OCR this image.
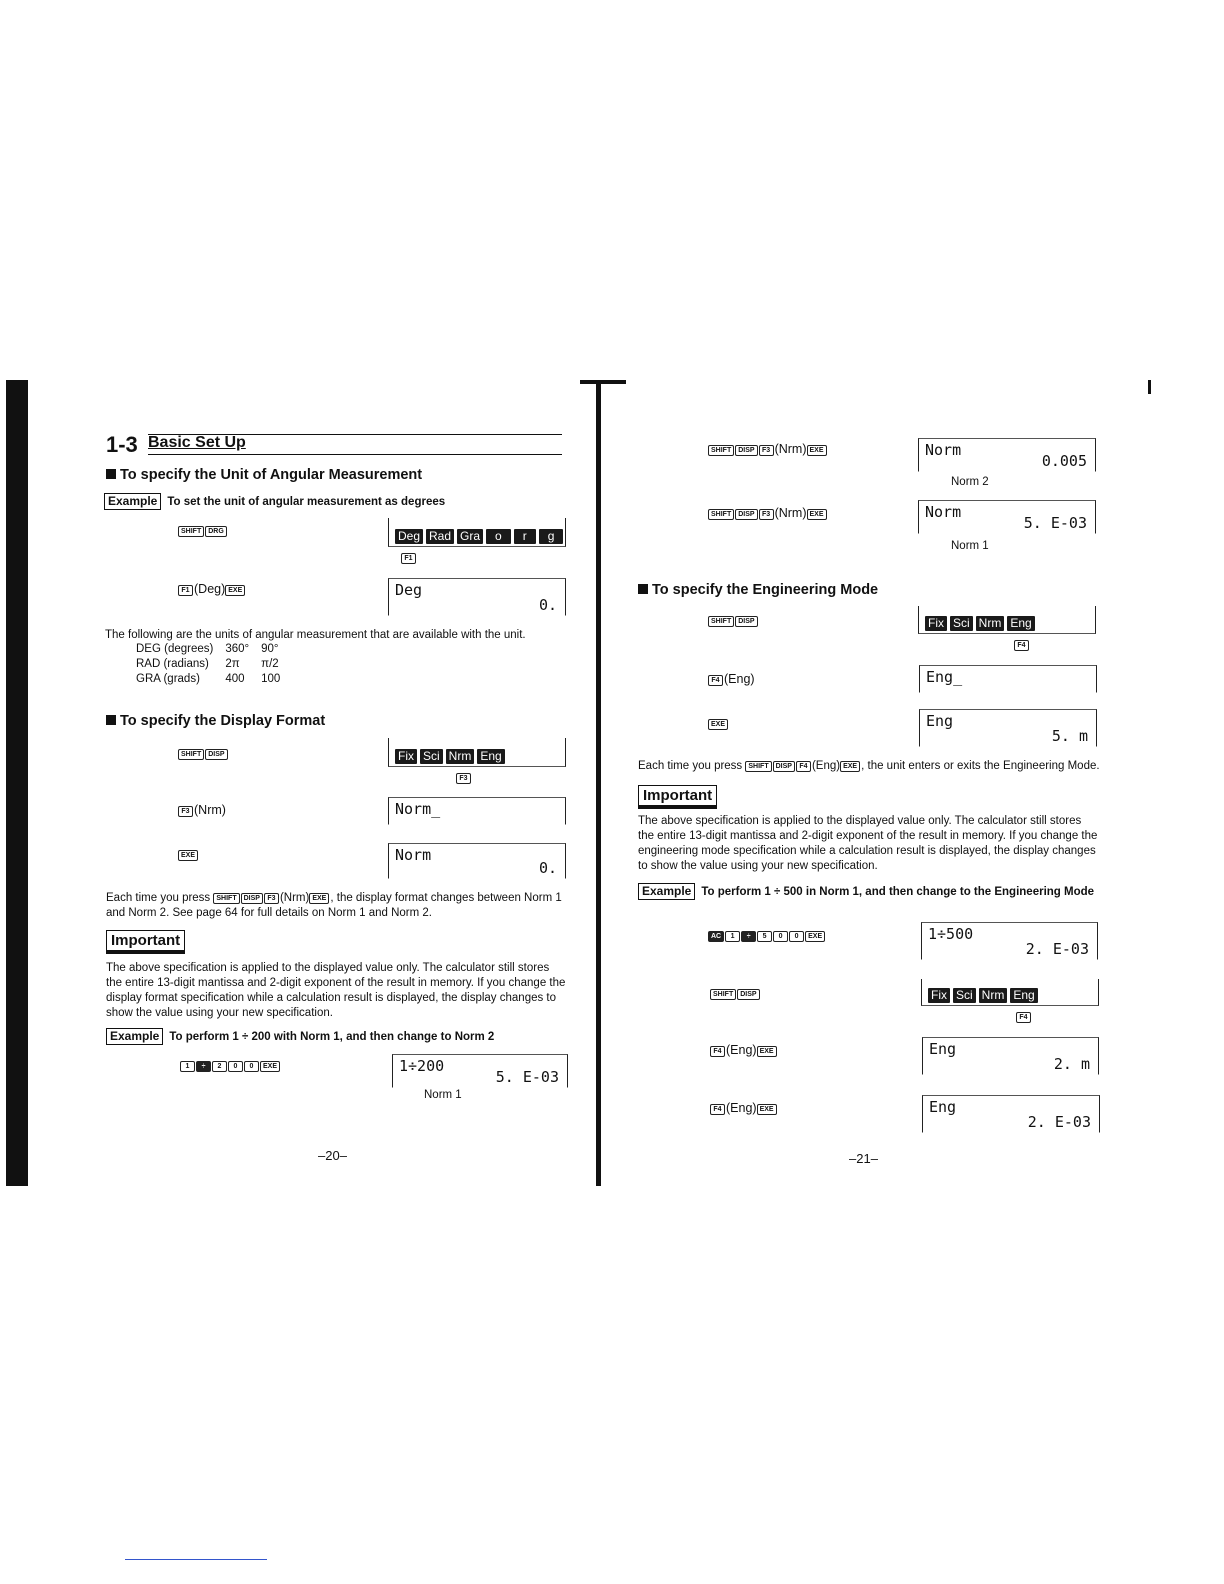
1-3 Basic Set Up
To specify the Unit of Angular Measurement
Example To set the unit of angular measurement as degrees
SHIFT DRG	Deg Rad Gra	o	r	g
F1
F1 (Deg) EXE	Deg
0.
The following are the units of angular measurement that are available with the unit.
DEG (degrees)	360°	90°
RAD (radians)	2π	π/2
GRA (grads)	400	100
To specify the Display Format
SHIFT DISP	Fix Sci Nrm Eng
F3
F3 (Nrm)	Norm_
EXE	Norm
0.
Each time you press SHIFT DISP F3 (Nrm) EXE , the display format changes between Norm 1 and Norm 2. See page 64 for full details on Norm 1 and Norm 2.
Important
The above specification is applied to the displayed value only. The calculator still stores the entire 13-digit mantissa and 2-digit exponent of the result in memory. If you change the display format specification while a calculation result is displayed, the display changes to show the value using your new specification.
Example To perform 1 ÷ 200 with Norm 1, and then change to Norm 2
1 ÷ 2 0 0 EXE	1÷200
5. E-03
Norm 1
–20–
SHIFT DISP F3 (Nrm) EXE	Norm
0.005
Norm 2
SHIFT DISP F3 (Nrm) EXE	Norm
5. E-03
Norm 1
To specify the Engineering Mode
SHIFT DISP	Fix Sci Nrm Eng
F4
F4 (Eng)	Eng_
EXE	Eng
5. m
Each time you press SHIFT DISP F4 (Eng) EXE , the unit enters or exits the Engineering Mode.
Important
The above specification is applied to the displayed value only. The calculator still stores the entire 13-digit mantissa and 2-digit exponent of the result in memory. If you change the engineering mode specification while a calculation result is displayed, the display changes to show the value using your new specification.
Example To perform 1 ÷ 500 in Norm 1, and then change to the Engineering Mode
AC 1 ÷ 5 0 0 EXE	1÷500
2. E-03
SHIFT DISP	Fix Sci Nrm Eng
F4
F4 (Eng) EXE	Eng
2. m
F4 (Eng) EXE	Eng
2. E-03
–21–
